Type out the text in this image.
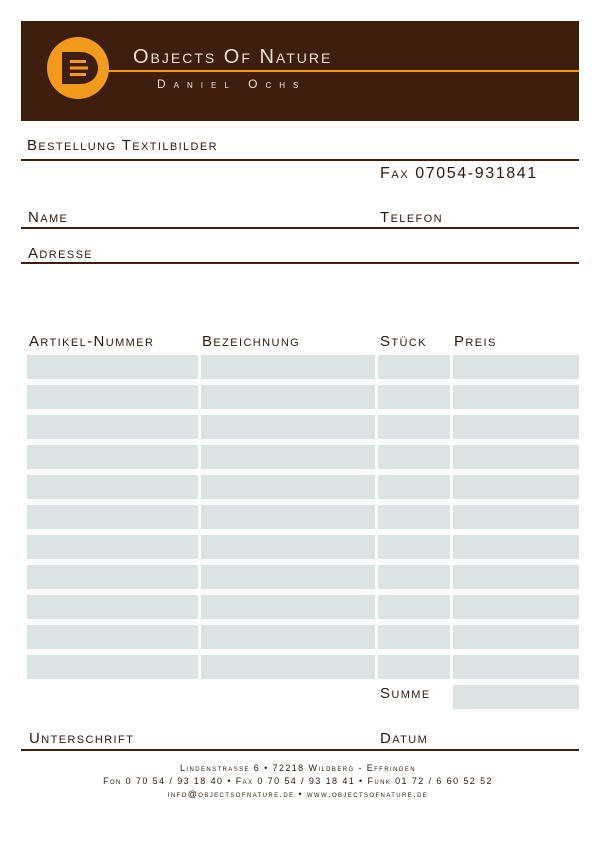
Objects Of Nature
Daniel Ochs
Bestellung Textilbilder
Fax 07054-931841
Name	Telefon
Adresse
Artikel-Nummer	Bezeichnung	Stück Preis
Summe
Unterschrift	Datum
Lindenstrasse 6 • 72218 Wildberg - Effringen
Fon 0 70 54 / 93 18 40 • Fax 0 70 54 / 93 18 41 • Funk 01 72 / 6 60 52 52
info@objectsofnature.de • www.objectsofnature.de
